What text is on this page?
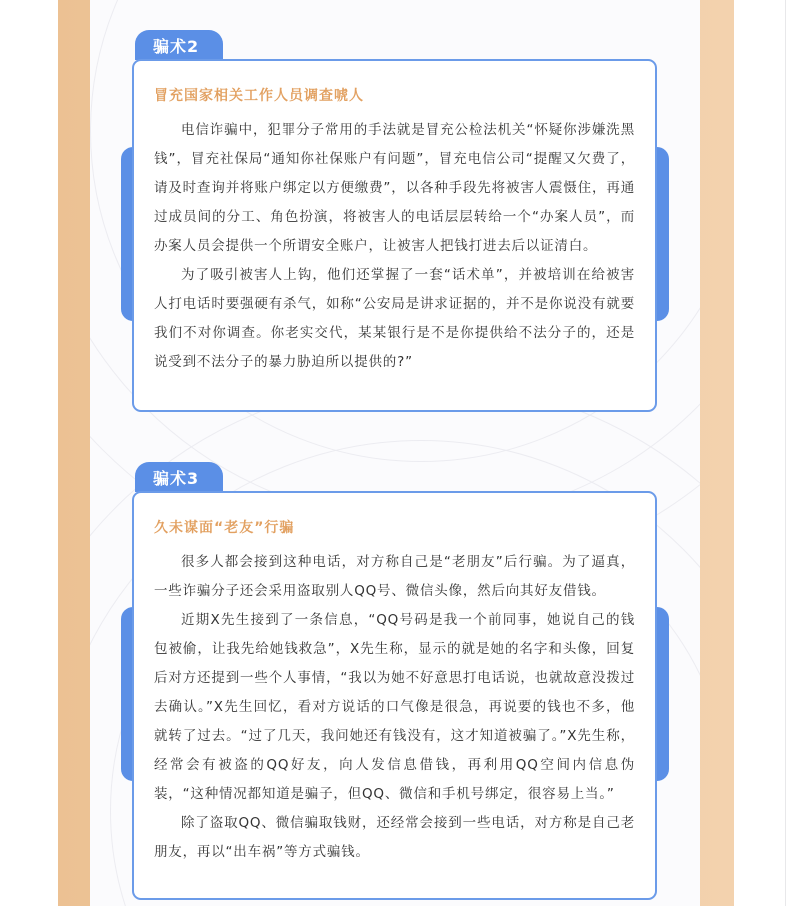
骗术2
冒充国家相关工作人员调查唬人

电信诈骗中，犯罪分子常用的手法就是冒充公检法机关“怀疑你涉嫌洗黑钱”，冒充社保局“通知你社保账户有问题”，冒充电信公司“提醒又欠费了，请及时查询并将账户绑定以方便缴费”，以各种手段先将被害人震慑住，再通过成员间的分工、角色扮演，将被害人的电话层层转给一个“办案人员”，而办案人员会提供一个所谓安全账户，让被害人把钱打进去后以证清白。

为了吸引被害人上钩，他们还掌握了一套“话术单”，并被培训在给被害人打电话时要强硬有杀气，如称“公安局是讲求证据的，并不是你说没有就要我们不对你调查。你老实交代，某某银行是不是你提供给不法分子的，还是说受到不法分子的暴力胁迫所以提供的?”

骗术3
久未谋面“老友”行骗

很多人都会接到这种电话，对方称自己是“老朋友”后行骗。为了逼真，一些诈骗分子还会采用盗取别人QQ号、微信头像，然后向其好友借钱。

近期X先生接到了一条信息，“QQ号码是我一个前同事，她说自己的钱包被偷，让我先给她钱救急”，X先生称，显示的就是她的名字和头像，回复后对方还提到一些个人事情，“我以为她不好意思打电话说，也就故意没拨过去确认。”X先生回忆，看对方说话的口气像是很急，再说要的钱也不多，他就转了过去。“过了几天，我问她还有钱没有，这才知道被骗了。”X先生称，经常会有被盗的QQ好友，向人发信息借钱，再利用QQ空间内信息伪装，“这种情况都知道是骗子，但QQ、微信和手机号绑定，很容易上当。”

除了盗取QQ、微信骗取钱财，还经常会接到一些电话，对方称是自己老朋友，再以“出车祸”等方式骗钱。
